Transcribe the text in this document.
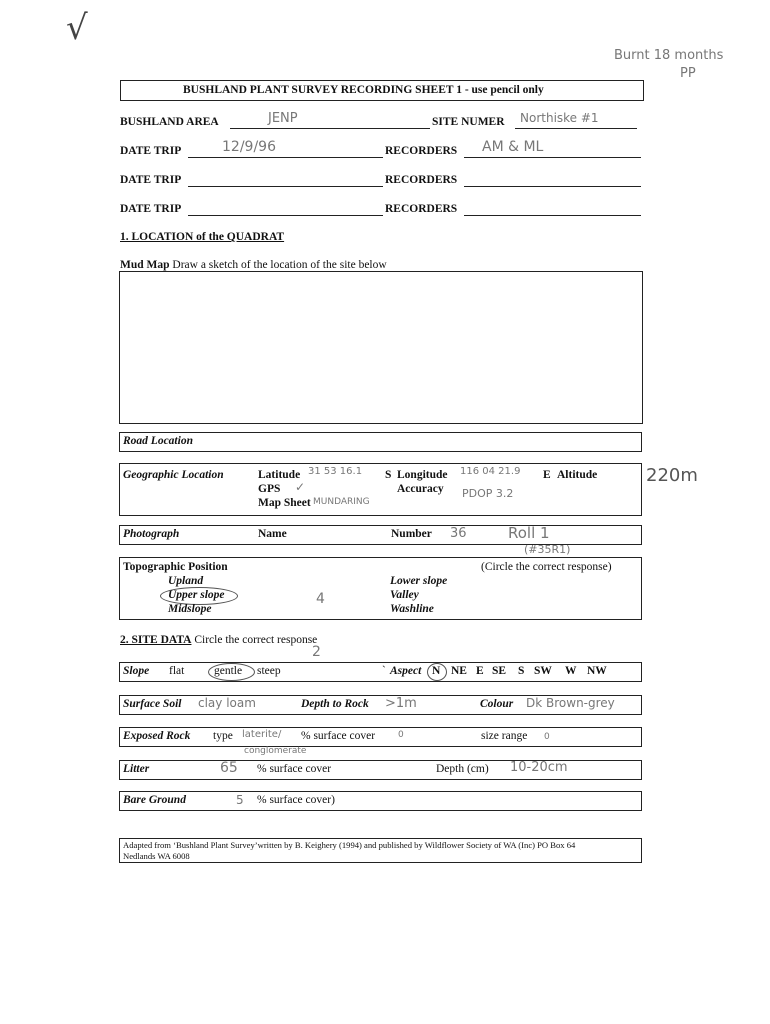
√
Burnt 18 months
PP
BUSHLAND PLANT SURVEY RECORDING SHEET 1 - use pencil only
BUSHLAND AREA	JENP	SITE NUMER Northiske #1
DATE TRIP	12/9/96	RECORDERS AM & ML
DATE TRIP	RECORDERS
DATE TRIP	RECORDERS
1. LOCATION of the QUADRAT
Mud Map Draw a sketch of the location of the site below
Road Location
Geographic Location	Latitude 31 53 16.1 S Longitude 116 04 21.9 E Altitude
GPS ✓	Accuracy PDOP 3.2
Map Sheet MUNDARING
220m
Photograph	Name	Number 36	Roll 1
(#35R1)
Topographic Position	(Circle the correct response)
Upland
Upper slope
Midslope
4
Lower slope
Valley
Washline
2. SITE DATA Circle the correct response
2
Slope flat	gentle steep	` Aspect N NE E SE S SW W NW
Surface Soil clay loam	Depth to Rock >1m	Colour Dk Brown-grey
Exposed Rock type laterite/ % surface cover	0	size range 0
conglomerate
Litter	65 % surface cover	Depth (cm) 10-20cm
Bare Ground	5 % surface cover)
Adapted from ‘Bushland Plant Survey’written by B. Keighery (1994) and published by Wildflower Society of WA (Inc) PO Box 64
Nedlands WA 6008
